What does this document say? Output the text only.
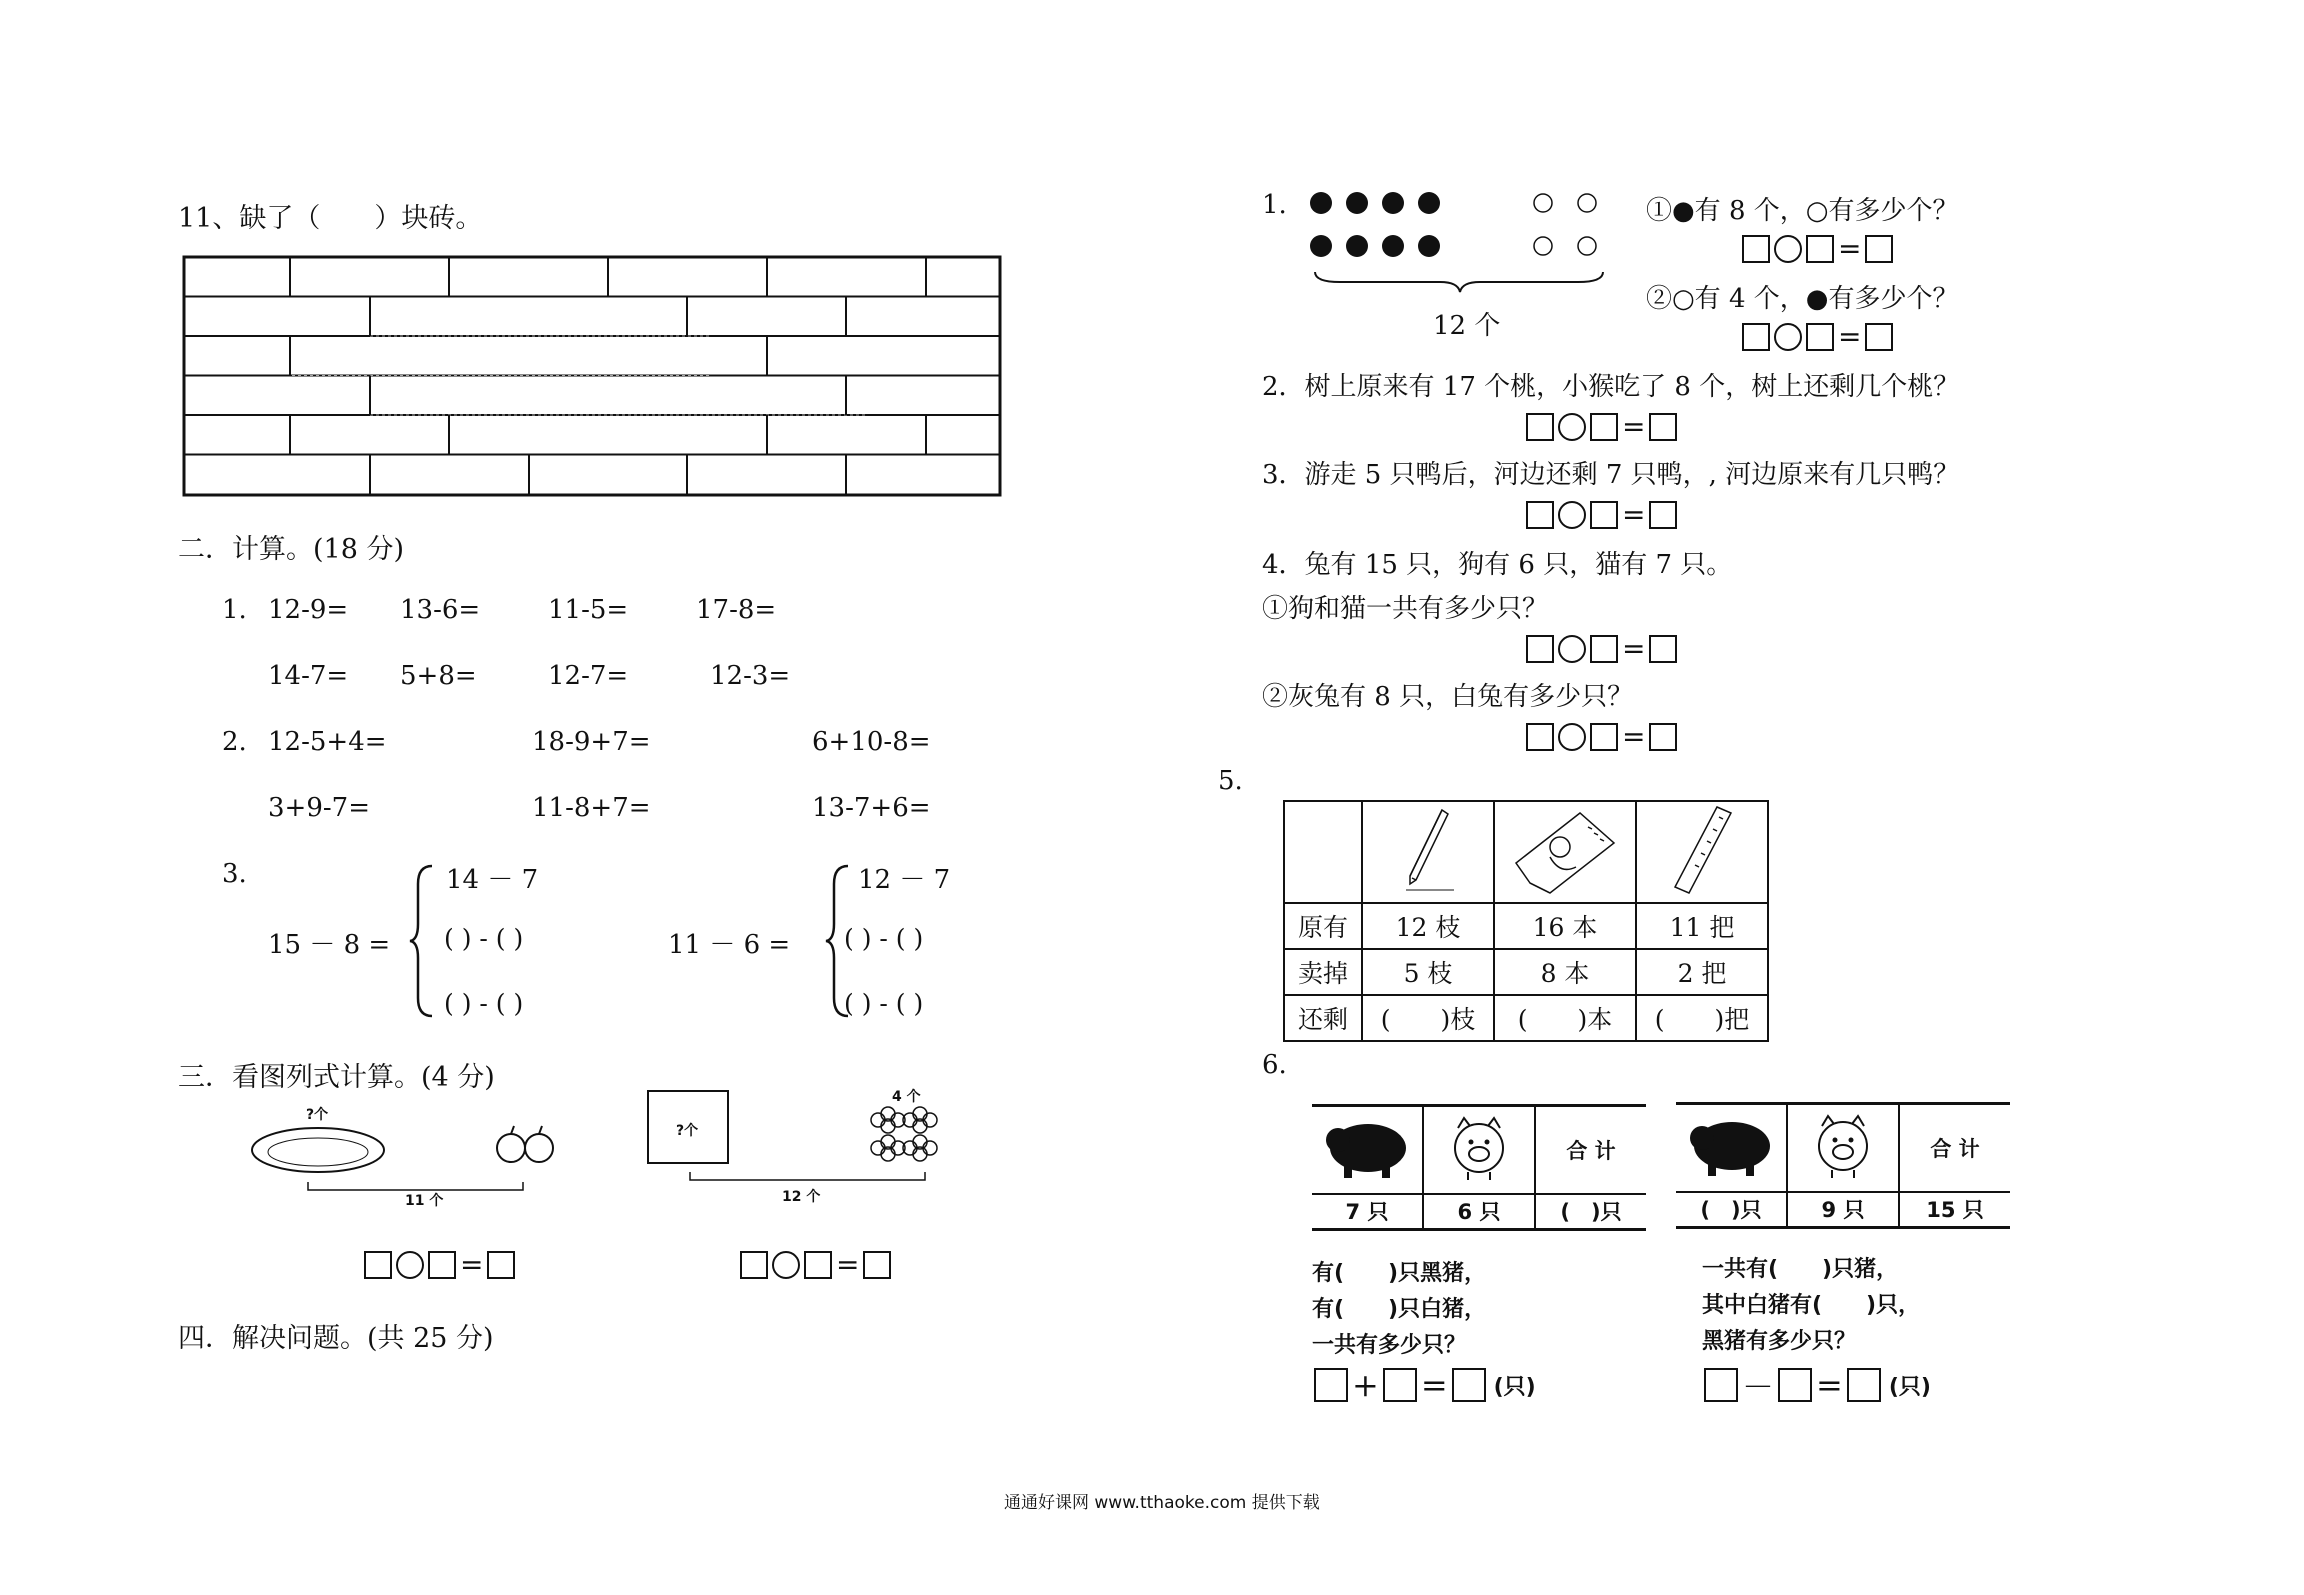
11、缺了（　　）块砖。
二．计算。(18 分)
1. 12-9= 13-6=	11-5=	17-8=
14-7= 5+8=	12-7=	12-3=
2. 12-5+4=	18-9+7=	6+10-8=
3+9-7=	11-8+7=	13-7+6=
3.
15 － 8 =
14 － 7
( ) - ( )
( ) - ( )
11 － 6 =
12 － 7
( ) - ( )
( ) - ( )
三．看图列式计算。(4 分)
?个
11 个
=
?个
4 个
12 个
=
四．解决问题。(共 25 分)
1.
12 个
①●有 8 个，○有多少个？
=
②○有 4 个，●有多少个？
=
2．树上原来有 17 个桃，小猴吃了 8 个，树上还剩几个桃？
=
3．游走 5 只鸭后，河边还剩 7 只鸭，, 河边原来有几只鸭？
=
4．兔有 15 只，狗有 6 只，猫有 7 只。
①狗和猫一共有多少只？
=
②灰兔有 8 只，白兔有多少只？
=
5.

原有	12 枝	16 本	11 把
卖掉	5 枝	8 本	2 把
还剩	(　　)枝	(　　)本	(　　)把
6.
		合 计
7 只	6 只	(　)只
有(　　)只黑猪，
有(　　)只白猪，
一共有多少只？
+ = (只)
		合 计
(　)只	9 只	15 只
一共有(　　)只猪，
其中白猪有(　　)只，
黑猪有多少只？
－ = (只)
通通好课网 www.tthaoke.com 提供下载
